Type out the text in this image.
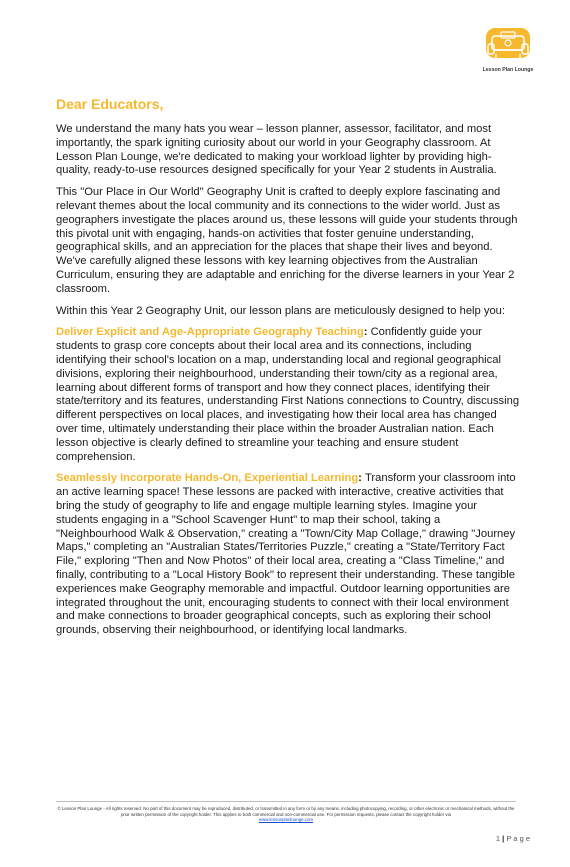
Lesson Plan Lounge
Dear Educators,

We understand the many hats you wear – lesson planner, assessor, facilitator, and most importantly, the spark igniting curiosity about our world in your Geography classroom. At Lesson Plan Lounge, we're dedicated to making your workload lighter by providing high-quality, ready-to-use resources designed specifically for your Year 2 students in Australia.

This "Our Place in Our World" Geography Unit is crafted to deeply explore fascinating and relevant themes about the local community and its connections to the wider world. Just as geographers investigate the places around us, these lessons will guide your students through this pivotal unit with engaging, hands-on activities that foster genuine understanding, geographical skills, and an appreciation for the places that shape their lives and beyond. We've carefully aligned these lessons with key learning objectives from the Australian Curriculum, ensuring they are adaptable and enriching for the diverse learners in your Year 2 classroom.

Within this Year 2 Geography Unit, our lesson plans are meticulously designed to help you:

Deliver Explicit and Age-Appropriate Geography Teaching: Confidently guide your students to grasp core concepts about their local area and its connections, including identifying their school's location on a map, understanding local and regional geographical divisions, exploring their neighbourhood, understanding their town/city as a regional area, learning about different forms of transport and how they connect places, identifying their state/territory and its features, understanding First Nations connections to Country, discussing different perspectives on local places, and investigating how their local area has changed over time, ultimately understanding their place within the broader Australian nation. Each lesson objective is clearly defined to streamline your teaching and ensure student comprehension.

Seamlessly Incorporate Hands-On, Experiential Learning: Transform your classroom into an active learning space! These lessons are packed with interactive, creative activities that bring the study of geography to life and engage multiple learning styles. Imagine your students engaging in a "School Scavenger Hunt" to map their school, taking a "Neighbourhood Walk & Observation," creating a "Town/City Map Collage," drawing "Journey Maps," completing an "Australian States/Territories Puzzle," creating a "State/Territory Fact File," exploring "Then and Now Photos" of their local area, creating a "Class Timeline," and finally, contributing to a "Local History Book" to represent their understanding. These tangible experiences make Geography memorable and impactful. Outdoor learning opportunities are integrated throughout the unit, encouraging students to connect with their local environment and make connections to broader geographical concepts, such as exploring their school grounds, observing their neighbourhood, or identifying local landmarks.

© Lesson Plan Lounge - All rights reserved. No part of this document may be reproduced, distributed, or transmitted in any form or by any means, including photocopying, recording, or other electronic or mechanical methods, without the prior written permission of the copyright holder. This applies to both commercial and non-commercial use. For permission requests, please contact the copyright holder via
www.lessonplanlounge.com
1 | P a g e
